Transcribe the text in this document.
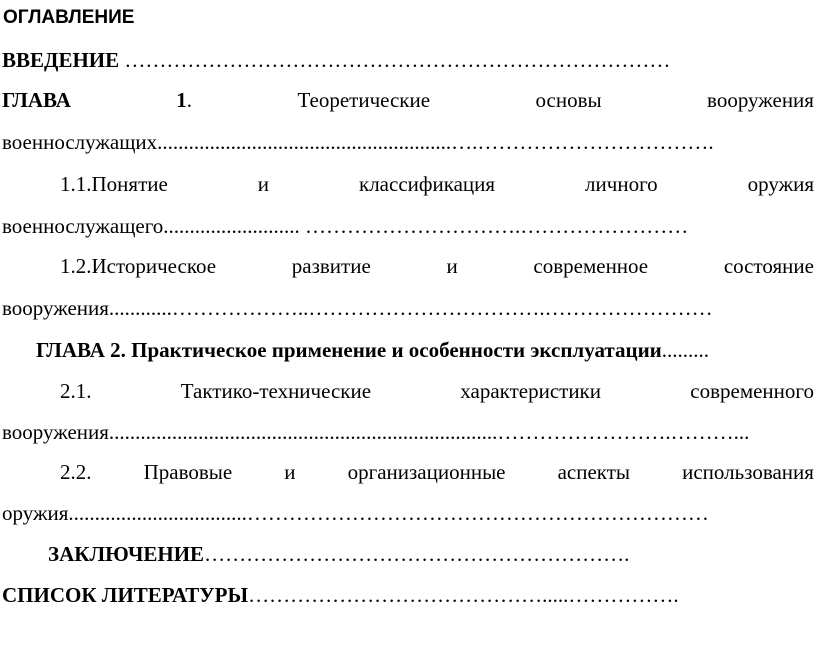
ОГЛАВЛЕНИЕ
ВВЕДЕНИЕ ……………………………………………………………………
ГЛАВА	1.	Теоретические	основы	вооружения
военнослужащих........................................................….…………………………….
1.1.Понятие	и	классификация	личного	оружия
военнослужащего.......................... ………………………….……………………
1.2.Историческое	развитие	и	современное	состояние
вооружения............………………..…………………………….……………………
ГЛАВА 2. Практическое применение и особенности эксплуатации.........
2.1.	Тактико-технические	характеристики	современного
вооружения..........................................................................…………………….………...
2.2. Правовые и организационные аспекты использования
оружия..................................…………………………………………………………
ЗАКЛЮЧЕНИЕ…………………………………………………….
СПИСОК ЛИТЕРАТУРЫ…………………………………….....…………….
